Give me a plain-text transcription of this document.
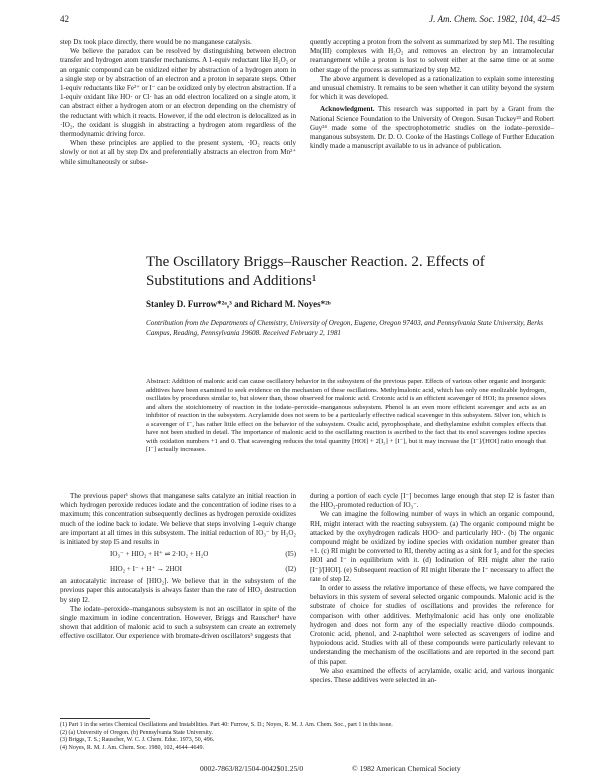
42	J. Am. Chem. Soc. 1982, 104, 42–45

step Dx took place directly, there would be no manganese catalysis.

We believe the paradox can be resolved by distinguishing between electron transfer and hydrogen atom transfer mechanisms. A 1-equiv reductant like H₂O₂ or an organic compound can be oxidized either by abstraction of a hydrogen atom in a single step or by abstraction of an electron and a proton in separate steps. Other 1-equiv reductants like Fe²⁺ or I⁻ can be oxidized only by electron abstraction. If a 1-equiv oxidant like HO· or Cl· has an odd electron localized on a single atom, it can abstract either a hydrogen atom or an electron depending on the chemistry of the reductant with which it reacts. However, if the odd electron is delocalized as in ·IO₂, the oxidant is sluggish in abstracting a hydrogen atom regardless of the thermodynamic driving force.

When these principles are applied to the present system, ·IO₂ reacts only slowly or not at all by step Dx and preferentially abstracts an electron from Mn²⁺ while simultaneously or subse-

quently accepting a proton from the solvent as summarized by step M1. The resulting Mn(III) complexes with H₂O₂ and removes an electron by an intramolecular rearrangement while a proton is lost to solvent either at the same time or at some other stage of the process as summarized by step M2.

The above argument is developed as a rationalization to explain some interesting and unusual chemistry. It remains to be seen whether it can utility beyond the system for which it was developed.

Acknowledgment. This research was supported in part by a Grant from the National Science Foundation to the University of Oregon. Susan Tuckey²³ and Robert Guy²⁴ made some of the spectrophotometric studies on the iodate–peroxide–manganous subsystem. Dr. D. O. Cooke of the Hastings College of Further Education kindly made a manuscript available to us in advance of publication.

The Oscillatory Briggs–Rauscher Reaction. 2. Effects of
Substitutions and Additions¹
Stanley D. Furrow*²ᵃ,³ and Richard M. Noyes*²ᵇ
Contribution from the Departments of Chemistry, University of Oregon, Eugene, Oregon 97403, and Pennsylvania State University, Berks Campus, Reading, Pennsylvania 19608. Received February 2, 1981
Abstract: Addition of malonic acid can cause oscillatory behavior in the subsystem of the previous paper. Effects of various other organic and inorganic additives have been examined to seek evidence on the mechanism of these oscillations. Methylmalonic acid, which has only one enolizable hydrogen, oscillates by procedures similar to, but slower than, those observed for malonic acid. Crotonic acid is an efficient scavenger of HOI; its presence slows and alters the stoichiometry of reaction in the iodate–peroxide–manganous subsystem. Phenol is an even more efficient scavenger and acts as an inhibitor of reaction in the subsystem. Acrylamide does not seem to be a particularly effective radical scavenger in this subsystem. Silver ion, which is a scavenger of I⁻, has rather little effect on the behavior of the subsystem. Oxalic acid, pyrophosphate, and diethylamine exhibit complex effects that have not been studied in detail. The importance of malonic acid to the oscillating reaction is ascribed to the fact that its enol scavenges iodine species with oxidation numbers +1 and 0. That scavenging reduces the total quantity [HOI] + 2[I₂] + [I⁻], but it may increase the [I⁻]/[HOI] ratio enough that [I⁻] actually increases.

The previous paper¹ shows that manganese salts catalyze an initial reaction in which hydrogen peroxide reduces iodate and the concentration of iodine rises to a maximum; this concentration subsequently declines as hydrogen peroxide oxidizes much of the iodine back to iodate. We believe that steps involving 1-equiv change are important at all times in this subsystem. The initial reduction of IO₃⁻ by H₂O₂ is initiated by step I5 and results in

IO₃⁻ + HIO₂ + H⁺ ⇌ 2·IO₂ + H₂O	(I5)
HIO₂ + I⁻ + H⁺ → 2HOI	(I2)

an autocatalytic increase of [HIO₂]. We believe that in the subsystem of the previous paper this autocatalysis is always faster than the rate of HIO₂ destruction by step I2.

The iodate–peroxide–manganous subsystem is not an oscillator in spite of the single maximum in iodine concentration. However, Briggs and Rauscher⁴ have shown that addition of malonic acid to such a subsystem can create an extremely effective oscillator. Our experience with bromate-driven oscillators⁵ suggests that

during a portion of each cycle [I⁻] becomes large enough that step I2 is faster than the HIO₂-promoted reduction of IO₃⁻.

We can imagine the following number of ways in which an organic compound, RH, might interact with the reacting subsystem. (a) The organic compound might be attacked by the oxyhydrogen radicals HOO· and particularly HO·. (b) The organic compound might be oxidized by iodine species with oxidation number greater than +1. (c) RI might be converted to RI, thereby acting as a sink for I₂ and for the species HOI and I⁻ in equilibrium with it. (d) Iodination of RH might alter the ratio [I⁻]/[HOI]. (e) Subsequent reaction of RI might liberate the I⁻ necessary to affect the rate of step I2.

In order to assess the relative importance of these effects, we have compared the behaviors in this system of several selected organic compounds. Malonic acid is the substrate of choice for studies of oscillations and provides the reference for comparison with other additives. Methylmalonic acid has only one enolizable hydrogen and does not form any of the especially reactive diiodo compounds. Crotonic acid, phenol, and 2-naphthol were selected as scavengers of iodine and hypoiodous acid. Studies with all of these compounds were particularly relevant to understanding the mechanism of the oscillations and are reported in the second part of this paper.

We also examined the effects of acrylamide, oxalic acid, and various inorganic species. These additives were selected in an-

(1) Part 1 in the series Chemical Oscillations and Instabilities. Part 40: Furrow, S. D.; Noyes, R. M. J. Am. Chem. Soc., part 1 in this issue.
(2) (a) University of Oregon. (b) Pennsylvania State University.
(3) Briggs, T. S.; Rauscher, W. C. J. Chem. Educ. 1973, 50, 496.
(4) Noyes, R. M. J. Am. Chem. Soc. 1980, 102, 4644–4649.
0002-7863/82/1504-0042$01.25/0	© 1982 American Chemical Society
